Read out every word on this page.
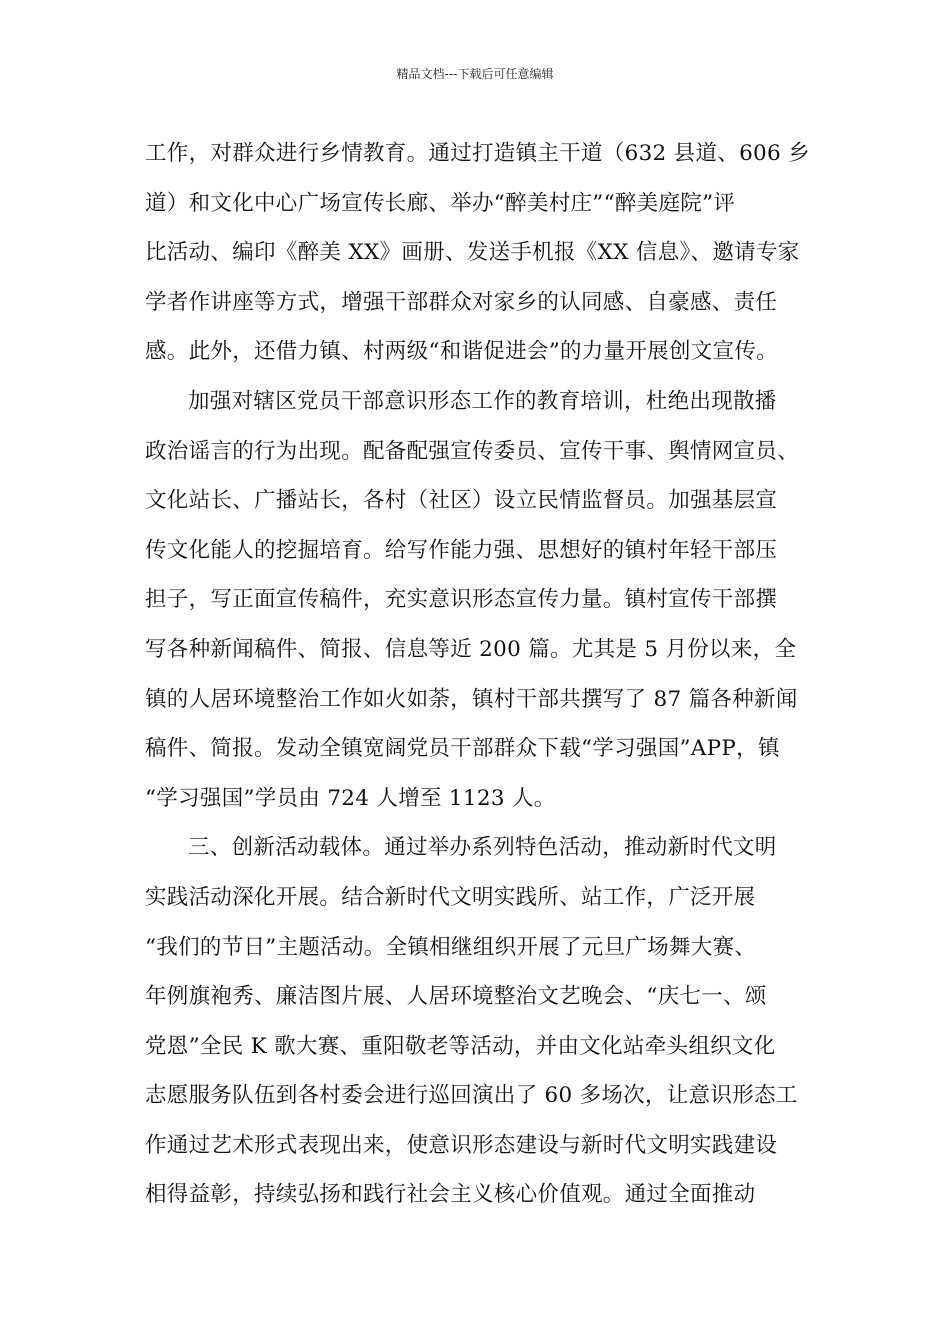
精品文档---下载后可任意编辑
工作，对群众进行乡情教育。通过打造镇主干道（632 县道、606 乡
道）和文化中心广场宣传长廊、举办“醉美村庄”“醉美庭院”评
比活动、编印《醉美 XX》画册、发送手机报《XX 信息》、邀请专家
学者作讲座等方式，增强干部群众对家乡的认同感、自豪感、责任
感。此外，还借力镇、村两级“和谐促进会”的力量开展创文宣传。
加强对辖区党员干部意识形态工作的教育培训，杜绝出现散播
政治谣言的行为出现。配备配强宣传委员、宣传干事、舆情网宣员、
文化站长、广播站长，各村（社区）设立民情监督员。加强基层宣
传文化能人的挖掘培育。给写作能力强、思想好的镇村年轻干部压
担子，写正面宣传稿件，充实意识形态宣传力量。镇村宣传干部撰
写各种新闻稿件、简报、信息等近 200 篇。尤其是 5 月份以来，全
镇的人居环境整治工作如火如荼，镇村干部共撰写了 87 篇各种新闻
稿件、简报。发动全镇宽阔党员干部群众下载“学习强国”APP，镇
“学习强国”学员由 724 人增至 1123 人。
三、创新活动载体。通过举办系列特色活动，推动新时代文明
实践活动深化开展。结合新时代文明实践所、站工作，广泛开展
“我们的节日”主题活动。全镇相继组织开展了元旦广场舞大赛、
年例旗袍秀、廉洁图片展、人居环境整治文艺晚会、“庆七一、颂
党恩”全民 K 歌大赛、重阳敬老等活动，并由文化站牵头组织文化
志愿服务队伍到各村委会进行巡回演出了 60 多场次，让意识形态工
作通过艺术形式表现出来，使意识形态建设与新时代文明实践建设
相得益彰，持续弘扬和践行社会主义核心价值观。通过全面推动
